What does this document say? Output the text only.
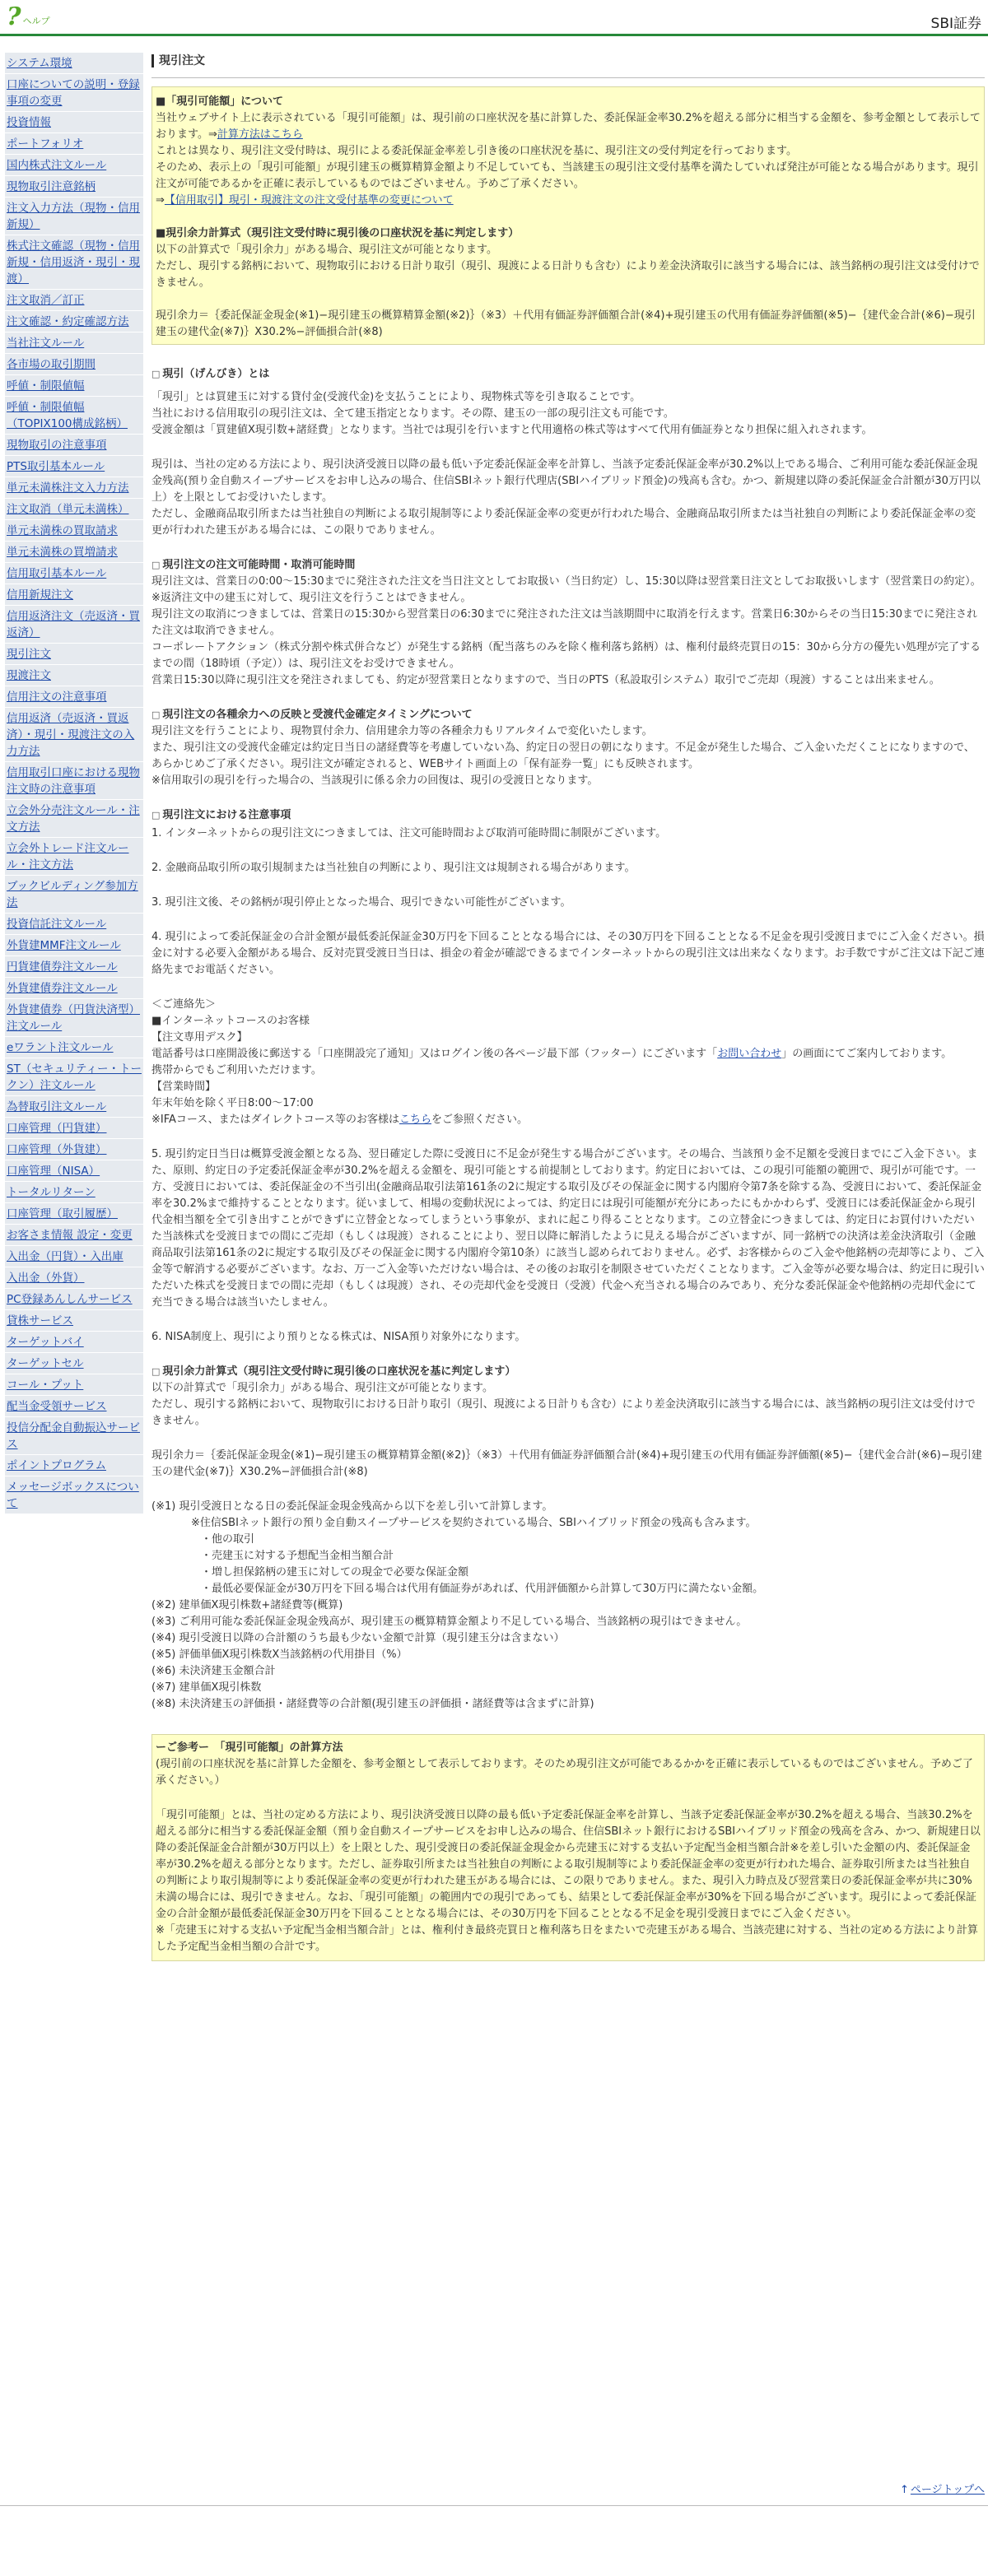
? ヘルプ	SBI証券
システム環境
口座についての説明・登録事項の変更
投資情報
ポートフォリオ
国内株式注文ルール
現物取引注意銘柄
注文入力方法（現物・信用新規）
株式注文確認（現物・信用新規・信用返済・現引・現渡）
注文取消／訂正
注文確認・約定確認方法
当社注文ルール
各市場の取引期間
呼値・制限値幅
呼値・制限値幅（TOPIX100構成銘柄）
現物取引の注意事項
PTS取引基本ルール
単元未満株注文入力方法
注文取消（単元未満株）
単元未満株の買取請求
単元未満株の買増請求
信用取引基本ルール
信用新規注文
信用返済注文（売返済・買返済）
現引注文
現渡注文
信用注文の注意事項
信用返済（売返済・買返済）・現引・現渡注文の入力方法
信用取引口座における現物注文時の注意事項
立会外分売注文ルール・注文方法
立会外トレード注文ルール・注文方法
ブックビルディング参加方法
投資信託注文ルール
外貨建MMF注文ルール
円貨建債券注文ルール
外貨建債券注文ルール
外貨建債券（円貨決済型）注文ルール
eワラント注文ルール
ST（セキュリティー・トークン）注文ルール
為替取引注文ルール
口座管理（円貨建）
口座管理（外貨建）
口座管理（NISA）
トータルリターン
口座管理（取引履歴）
お客さま情報 設定・変更
入出金（円貨）・入出庫
入出金（外貨）
PC登録あんしんサービス
貸株サービス
ターゲットバイ
ターゲットセル
コール・プット
配当金受領サービス
投信分配金自動振込サービス
ポイントプログラム
メッセージボックスについて
現引注文

■「現引可能額」について

当社ウェブサイト上に表示されている「現引可能額」は、現引前の口座状況を基に計算した、委託保証金率30.2%を超える部分に相当する金額を、参考金額として表示しております。⇒計算方法はこちら

これとは異なり、現引注文受付時は、現引による委託保証金率差し引き後の口座状況を基に、現引注文の受付判定を行っております。

そのため、表示上の「現引可能額」が現引建玉の概算精算金額より不足していても、当該建玉の現引注文受付基準を満たしていれば発注が可能となる場合があります。現引注文が可能であるかを正確に表示しているものではございません。予めご了承ください。

⇒【信用取引】現引・現渡注文の注文受付基準の変更について

■現引余力計算式（現引注文受付時に現引後の口座状況を基に判定します）

以下の計算式で「現引余力」がある場合、現引注文が可能となります。

ただし、現引する銘柄において、現物取引における日計り取引（現引、現渡による日計りも含む）により差金決済取引に該当する場合には、該当銘柄の現引注文は受付けできません。

現引余力＝｛委託保証金現金(※1)−現引建玉の概算精算金額(※2)｝（※3）＋代用有価証券評価額合計(※4)+現引建玉の代用有価証券評価額(※5)−｛建代金合計(※6)−現引建玉の建代金(※7)｝X30.2%−評価損合計(※8)

□ 現引（げんびき）とは

「現引」とは買建玉に対する貸付金(受渡代金)を支払うことにより、現物株式等を引き取ることです。

当社における信用取引の現引注文は、全て建玉指定となります。その際、建玉の一部の現引注文も可能です。

受渡金額は「買建値X現引数+諸経費」となります。当社では現引を行いますと代用適格の株式等はすべて代用有価証券となり担保に組入れされます。

現引は、当社の定める方法により、現引決済受渡日以降の最も低い予定委託保証金率を計算し、当該予定委託保証金率が30.2%以上である場合、ご利用可能な委託保証金現金残高(預り金自動スイープサービスをお申し込みの場合、住信SBIネット銀行代理店(SBIハイブリッド預金)の残高も含む。かつ、新規建以降の委託保証金合計額が30万円以上）を上限としてお受けいたします。

ただし、金融商品取引所または当社独自の判断による取引規制等により委託保証金率の変更が行われた場合、金融商品取引所または当社独自の判断により委託保証金率の変更が行われた建玉がある場合には、この限りでありません。

□ 現引注文の注文可能時間・取消可能時間

現引注文は、営業日の0:00〜15:30までに発注された注文を当日注文としてお取扱い（当日約定）し、15:30以降は翌営業日注文としてお取扱いします（翌営業日の約定）。

※返済注文中の建玉に対して、現引注文を行うことはできません。

現引注文の取消につきましては、営業日の15:30から翌営業日の6:30までに発注された注文は当該期間中に取消を行えます。営業日6:30からその当日15:30までに発注された注文は取消できません。

コーポレートアクション（株式分割や株式併合など）が発生する銘柄（配当落ちのみを除く権利落ち銘柄）は、権利付最終売買日の15：30から分方の優先い処理が完了するまでの間（18時頃（予定））は、現引注文をお受けできません。

営業日15:30以降に現引注文を発注されましても、約定が翌営業日となりますので、当日のPTS（私設取引システム）取引でご売却（現渡）することは出来ません。

□ 現引注文の各種余力への反映と受渡代金確定タイミングについて

現引注文を行うことにより、現物買付余力、信用建余力等の各種余力もリアルタイムで変化いたします。

また、現引注文の受渡代金確定は約定日当日の諸経費等を考慮していない為、約定日の翌日の朝になります。不足金が発生した場合、ご入金いただくことになりますので、あらかじめご了承ください。現引注文が確定されると、WEBサイト画面上の「保有証券一覧」にも反映されます。

※信用取引の現引を行った場合の、当該現引に係る余力の回復は、現引の受渡日となります。

□ 現引注文における注意事項

1. インターネットからの現引注文につきましては、注文可能時間および取消可能時間に制限がございます。

2. 金融商品取引所の取引規制または当社独自の判断により、現引注文は規制される場合があります。

3. 現引注文後、その銘柄が現引停止となった場合、現引できない可能性がございます。

4. 現引によって委託保証金の合計金額が最低委託保証金30万円を下回ることとなる場合には、その30万円を下回ることとなる不足金を現引受渡日までにご入金ください。損金に対する必要入金額がある場合、反対売買受渡日当日は、損金の着金が確認できるまでインターネットからの現引注文は出来なくなります。お手数ですがご注文は下記ご連絡先までお電話ください。

＜ご連絡先＞

■インターネットコースのお客様

【注文専用デスク】

電話番号は口座開設後に郵送する「口座開設完了通知」又はログイン後の各ページ最下部（フッター）にございます「お問い合わせ」の画面にてご案内しております。

携帯からでもご利用いただけます。

【営業時間】

年末年始を除く平日8:00〜17:00

※IFAコース、またはダイレクトコース等のお客様はこちらをご参照ください。

5. 現引約定日当日は概算受渡金額となる為、翌日確定した際に受渡日に不足金が発生する場合がございます。その場合、当該預り金不足額を受渡日までにご入金下さい。また、原則、約定日の予定委託保証金率が30.2%を超える金額を、現引可能とする前提制としております。約定日においては、この現引可能額の範囲で、現引が可能です。一方、受渡日においては、委託保証金の不当引出(金融商品取引法第161条の2に規定する取引及びその保証金に関する内閣府令第7条を除する為、受渡日において、委託保証金率を30.2%まで維持することとなります。従いまして、相場の変動状況によっては、約定日には現引可能額が充分にあったにもかかわらず、受渡日には委託保証金から現引代金相当額を全て引き出すことができずに立替金となってしまうという事象が、まれに起こり得ることとなります。この立替金につきましては、約定日にお買付けいただいた当該株式を受渡日までの間にご売却（もしくは現渡）されることにより、翌日以降に解消したように見える場合がございますが、同一銘柄での決済は差金決済取引（金融商品取引法第161条の2に規定する取引及びその保証金に関する内閣府令第10条）に該当し認められておりません。必ず、お客様からのご入金や他銘柄の売却等により、ご入金等で解消する必要がございます。なお、万一ご入金等いただけない場合は、その後のお取引を制限させていただくことなります。ご入金等が必要な場合は、約定日に現引いただいた株式を受渡日までの間に売却（もしくは現渡）され、その売却代金を受渡日（受渡）代金へ充当される場合のみであり、充分な委託保証金や他銘柄の売却代金にて充当できる場合は該当いたしません。

6. NISA制度上、現引により預りとなる株式は、NISA預り対象外になります。

□ 現引余力計算式（現引注文受付時に現引後の口座状況を基に判定します）

以下の計算式で「現引余力」がある場合、現引注文が可能となります。

ただし、現引する銘柄において、現物取引における日計り取引（現引、現渡による日計りも含む）により差金決済取引に該当する場合には、該当銘柄の現引注文は受付けできません。

現引余力＝｛委託保証金現金(※1)−現引建玉の概算精算金額(※2)｝（※3）＋代用有価証券評価額合計(※4)+現引建玉の代用有価証券評価額(※5)−｛建代金合計(※6)−現引建玉の建代金(※7)｝X30.2%−評価損合計(※8)

(※1) 現引受渡日となる日の委託保証金現金残高から以下を差し引いて計算します。

※住信SBIネット銀行の預り金自動スイープサービスを契約されている場合、SBIハイブリッド預金の残高も含みます。

・他の取引

・売建玉に対する予想配当金相当額合計

・増し担保銘柄の建玉に対しての現金で必要な保証金額

・最低必要保証金が30万円を下回る場合は代用有価証券があれば、代用評価額から計算して30万円に満たない金額。

(※2) 建単価X現引株数+諸経費等(概算)

(※3) ご利用可能な委託保証金現金残高が、現引建玉の概算精算金額より不足している場合、当該銘柄の現引はできません。

(※4) 現引受渡日以降の合計額のうち最も少ない金額で計算（現引建玉分は含まない）

(※5) 評価単価X現引株数X当該銘柄の代用掛目（%）

(※6) 未決済建玉金額合計

(※7) 建単価X現引株数

(※8) 未決済建玉の評価損・諸経費等の合計額(現引建玉の評価損・諸経費等は含まずに計算)

ーご参考ー　「現引可能額」の計算方法

(現引前の口座状況を基に計算した金額を、参考金額として表示しております。そのため現引注文が可能であるかかを正確に表示しているものではございません。予めご了承ください。）

「現引可能額」とは、当社の定める方法により、現引決済受渡日以降の最も低い予定委託保証金率を計算し、当該予定委託保証金率が30.2%を超える場合、当該30.2%を超える部分に相当する委託保証金額（預り金自動スイープサービスをお申し込みの場合、住信SBIネット銀行におけるSBIハイブリッド預金の残高を含み、かつ、新規建日以降の委託保証金合計額が30万円以上）を上限とした、現引受渡日の委託保証金現金から売建玉に対する支払い予定配当金相当額合計※を差し引いた金額の内、委託保証金率が30.2%を超える部分となります。ただし、証券取引所または当社独自の判断による取引規制等により委託保証金率の変更が行われた場合、証券取引所または当社独自の判断により取引規制等により委託保証金率の変更が行われた建玉がある場合には、この限りでありません。また、現引入力時点及び翌営業日の委託保証金率が共に30%未満の場合には、現引できません。なお、「現引可能額」の範囲内での現引であっても、結果として委託保証金率が30%を下回る場合がございます。現引によって委託保証金の合計金額が最低委託保証金30万円を下回ることとなる場合には、その30万円を下回ることとなる不足金を現引受渡日までにご入金ください。

※「売建玉に対する支払い予定配当金相当額合計」とは、権利付き最終売買日と権利落ち日をまたいで売建玉がある場合、当該売建に対する、当社の定める方法により計算した予定配当金相当額の合計です。

↑ ページトップへ
